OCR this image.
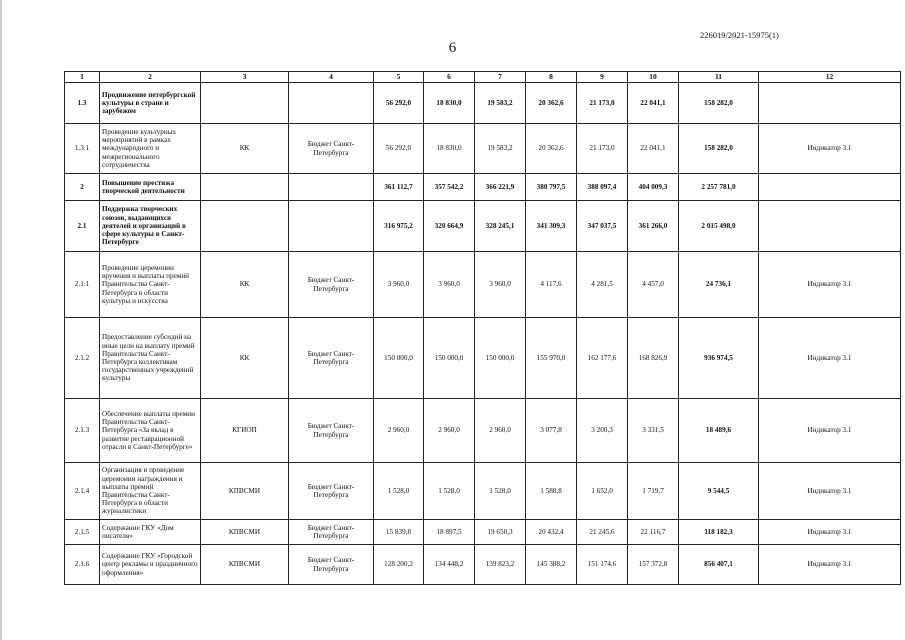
226019/2021-15975(1)
6
1	2	3	4	5	6	7	8	9	10	11	12
1.3	Продвижение петербургской культуры в стране и зарубежом			56 292,0	18 830,0	19 583,2	20 362,6	21 173,0	22 041,1	158 282,0	
1.3.1	Проведение культурных мероприятий в рамках международного и межрегионального сотрудничества	КК	Бюджет Санкт-Петербурга	56 292,0	18 830,0	19 583,2	20 362,6	21 173,0	22 041,1	158 282,0	Индикатор 3.1
2	Повышение престижа творческой деятельности			361 112,7	357 542,2	366 221,9	380 797,5	388 097,4	404 009,3	2 257 781,0	
2.1	Поддержка творческих союзов, выдающихся деятелей и организаций в сфере культуры в Санкт-Петербурге			316 975,2	320 664,9	328 245,1	341 309,3	347 037,5	361 266,0	2 015 498,0	
2.1.1	Проведение церемонии вручения и выплаты премий Правительства Санкт-Петербурга в области культуры и искусства	КК	Бюджет Санкт-Петербурга	3 960,0	3 960,0	3 960,0	4 117,6	4 281,5	4 457,0	24 736,1	Индикатор 3.1
2.1.2	Предоставление субсидий на иные цели на выплату премий Правительства Санкт-Петербурга коллективам государственных учреждений культуры	КК	Бюджет Санкт-Петербурга	150 000,0	150 000,0	150 000,0	155 970,0	162 177,6	168 826,9	936 974,5	Индикатор 3.1
2.1.3	Обеспечение выплаты премии Правительства Санкт-Петербурга «За вклад в развитие реставрационной отрасли в Санкт-Петербурге»	КГИОП	Бюджет Санкт-Петербурга	2 960,0	2 960,0	2 960,0	3 077,8	3 200,3	3 331,5	18 489,6	Индикатор 3.1
2.1.4	Организация и проведение церемонии награждения и выплаты премий Правительства Санкт-Петербурга в области журналистики	КПВСМИ	Бюджет Санкт-Петербурга	1 528,0	1 528,0	1 528,0	1 588,8	1 652,0	1 719,7	9 544,5	Индикатор 3.1
2.1.5	Содержание ГКУ «Дом писателя»	КПВСМИ	Бюджет Санкт-Петербурга	15 839,8	18 897,5	19 650,3	20 432,4	21 245,6	22 116,7	118 182,3	Индикатор 3.1
2.1.6	Содержание ГКУ «Городской центр рекламы и праздничного оформления»	КПВСМИ	Бюджет Санкт-Петербурга	128 200,2	134 448,2	139 823,2	145 388,2	151 174,6	157 372,8	856 407,1	Индикатор 3.1
